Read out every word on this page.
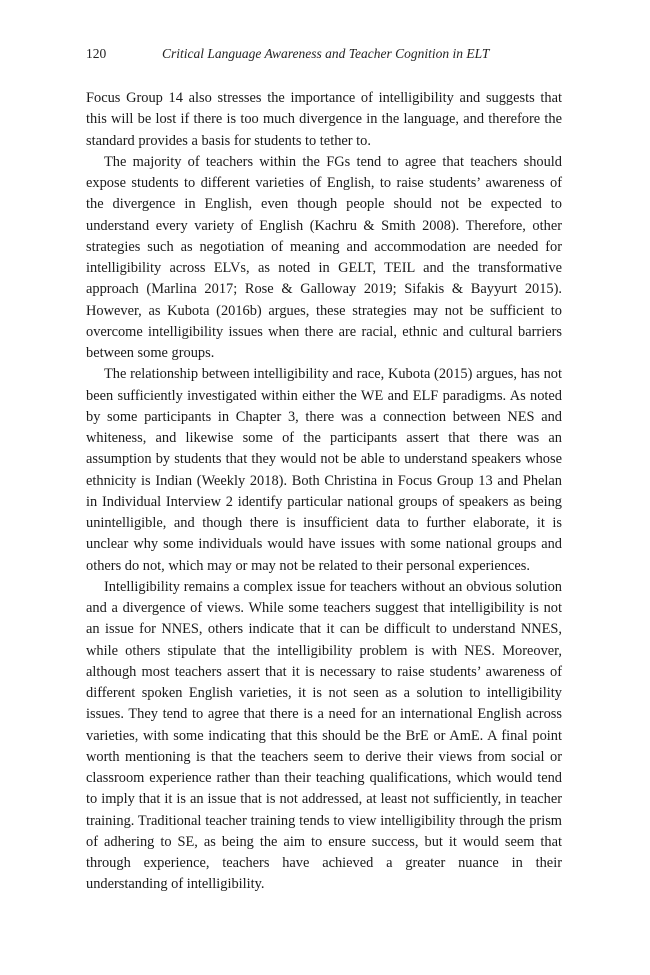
120	Critical Language Awareness and Teacher Cognition in ELT

Focus Group 14 also stresses the importance of intelligibility and suggests that this will be lost if there is too much divergence in the language, and therefore the standard provides a basis for students to tether to.

The majority of teachers within the FGs tend to agree that teachers should expose students to different varieties of English, to raise students’ awareness of the divergence in English, even though people should not be expected to understand every variety of English (Kachru & Smith 2008). Therefore, other strategies such as negotiation of meaning and accommodation are needed for intelligibility across ELVs, as noted in GELT, TEIL and the transformative approach (Marlina 2017; Rose & Galloway 2019; Sifakis & Bayyurt 2015). However, as Kubota (2016b) argues, these strategies may not be sufficient to overcome intelligibility issues when there are racial, ethnic and cultural barriers between some groups.

The relationship between intelligibility and race, Kubota (2015) argues, has not been sufficiently investigated within either the WE and ELF paradigms. As noted by some participants in Chapter 3, there was a connection between NES and whiteness, and likewise some of the participants assert that there was an assumption by students that they would not be able to understand speakers whose ethnicity is Indian (Weekly 2018). Both Christina in Focus Group 13 and Phelan in Individual Interview 2 identify particular national groups of speakers as being unintelligible, and though there is insufficient data to further elaborate, it is unclear why some individuals would have issues with some national groups and others do not, which may or may not be related to their personal experiences.

Intelligibility remains a complex issue for teachers without an obvious solution and a divergence of views. While some teachers suggest that intelligibility is not an issue for NNES, others indicate that it can be difficult to understand NNES, while others stipulate that the intelligibility problem is with NES. Moreover, although most teachers assert that it is necessary to raise students’ awareness of different spoken English varieties, it is not seen as a solution to intelligibility issues. They tend to agree that there is a need for an international English across varieties, with some indicating that this should be the BrE or AmE. A final point worth mentioning is that the teachers seem to derive their views from social or classroom experience rather than their teaching qualifications, which would tend to imply that it is an issue that is not addressed, at least not sufficiently, in teacher training. Traditional teacher training tends to view intelligibility through the prism of adhering to SE, as being the aim to ensure success, but it would seem that through experience, teachers have achieved a greater nuance in their understanding of intelligibility.
